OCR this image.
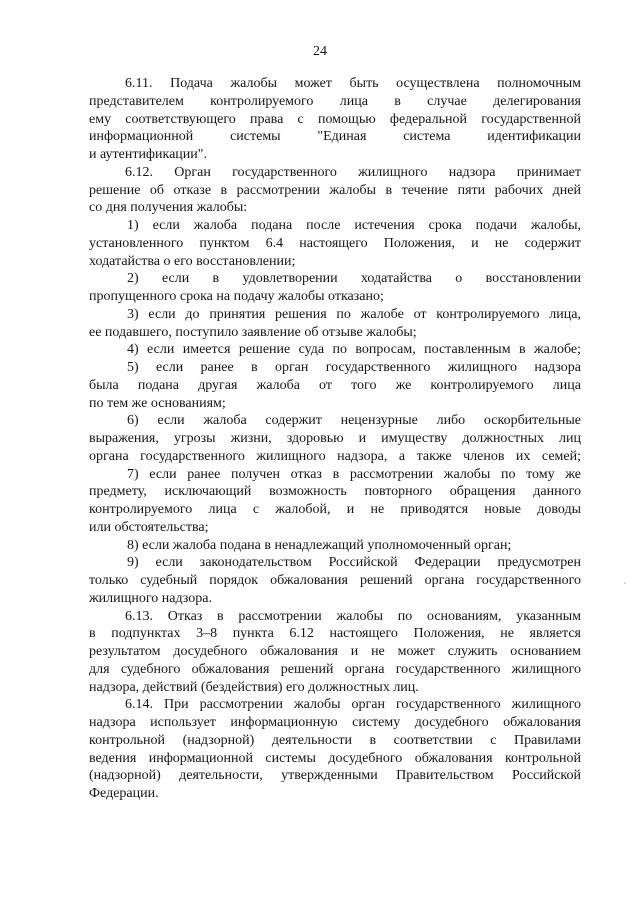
24

6.11. Подача жалобы может быть осуществлена полномочным
представителем контролируемого лица в случае делегирования
ему соответствующего права с помощью федеральной государственной
информационной системы "Единая система идентификации
и аутентификации".

6.12. Орган государственного жилищного надзора принимает
решение об отказе в рассмотрении жалобы в течение пяти рабочих дней
со дня получения жалобы:

1) если жалоба подана после истечения срока подачи жалобы,
установленного пунктом 6.4 настоящего Положения, и не содержит
ходатайства о его восстановлении;

2) если в удовлетворении ходатайства о восстановлении
пропущенного срока на подачу жалобы отказано;

3) если до принятия решения по жалобе от контролируемого лица,
ее подавшего, поступило заявление об отзыве жалобы;

4) если имеется решение суда по вопросам, поставленным в жалобе;

5) если ранее в орган государственного жилищного надзора
была подана другая жалоба от того же контролируемого лица
по тем же основаниям;

6) если жалоба содержит нецензурные либо оскорбительные
выражения, угрозы жизни, здоровью и имуществу должностных лиц
органа государственного жилищного надзора, а также членов их семей;

7) если ранее получен отказ в рассмотрении жалобы по тому же
предмету, исключающий возможность повторного обращения данного
контролируемого лица с жалобой, и не приводятся новые доводы
или обстоятельства;

8) если жалоба подана в ненадлежащий уполномоченный орган;

9) если законодательством Российской Федерации предусмотрен
только судебный порядок обжалования решений органа государственного
жилищного надзора.

6.13. Отказ в рассмотрении жалобы по основаниям, указанным
в подпунктах 3–8 пункта 6.12 настоящего Положения, не является
результатом досудебного обжалования и не может служить основанием
для судебного обжалования решений органа государственного жилищного
надзора, действий (бездействия) его должностных лиц.

6.14. При рассмотрении жалобы орган государственного жилищного
надзора использует информационную систему досудебного обжалования
контрольной (надзорной) деятельности в соответствии с Правилами
ведения информационной системы досудебного обжалования контрольной
(надзорной) деятельности, утвержденными Правительством Российской
Федерации.
